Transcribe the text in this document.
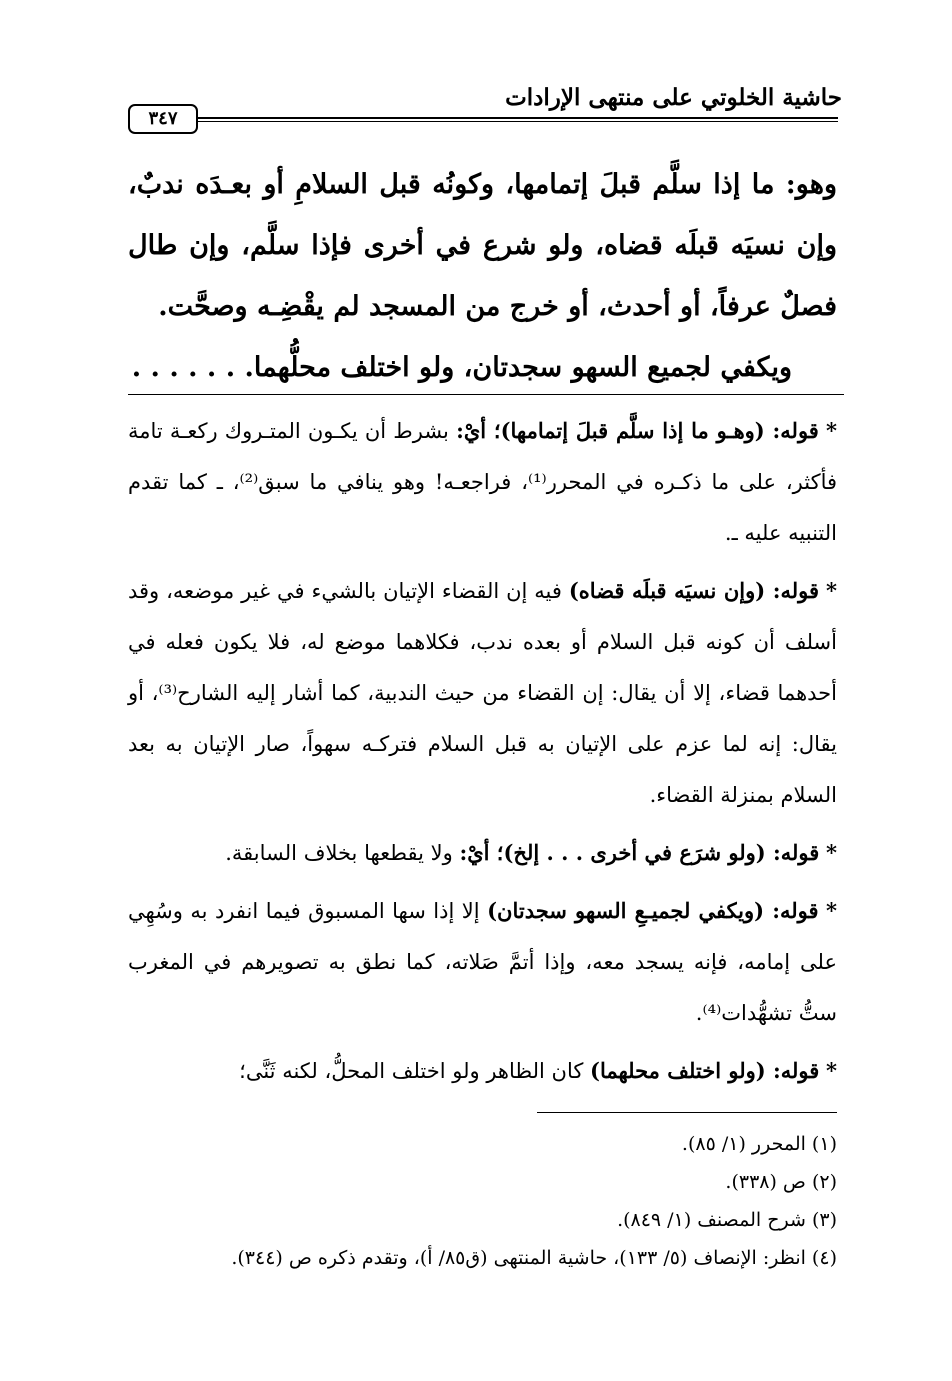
حاشية الخلوتي على منتهى الإرادات
٣٤٧

وهو: ما إذا سلَّم قبلَ إتمامها، وكونُه قبل السلامِ أو بعـدَه ندبٌ، وإن نسيَه قبلَه قضاه، ولو شرع في أخرى فإذا سلَّم، وإن طال فصلٌ عرفاً، أو أحدث، أو خرج من المسجد لم يقْضِـه وصحَّت.

ويكفي لجميع السهو سجدتان، ولو اختلف محلُّهما. . . . . . .

* قوله: (وهـو ما إذا سلَّم قبلَ إتمامها)؛ أيْ: بشرط أن يكـون المتـروك ركعـة تامة فأكثر، على ما ذكـره في المحرر⁽¹⁾، فراجعـه! وهو ينافي ما سبق⁽²⁾، ـ كما تقدم التنبيه عليه ـ.

* قوله: (وإن نسيَه قبلَه قضاه) فيه إن القضاء الإتيان بالشيء في غير موضعه، وقد أسلف أن كونه قبل السلام أو بعده ندب، فكلاهما موضع له، فلا يكون فعله في أحدهما قضاء، إلا أن يقال: إن القضاء من حيث الندبية، كما أشار إليه الشارح⁽³⁾، أو يقال: إنه لما عزم على الإتيان به قبل السلام فتركـه سهواً، صار الإتيان به بعد السلام بمنزلة القضاء.

* قوله: (ولو شرَع في أخرى . . . إلخ)؛ أيْ: ولا يقطعها بخلاف السابقة.

* قوله: (ويكفي لجميـعِ السهو سجدتان) إلا إذا سها المسبوق فيما انفرد به وسُهِي على إمامه، فإنه يسجد معه، وإذا أتمَّ صَلاته، كما نطق به تصويرهم في المغرب ستُّ تشهُّدات⁽⁴⁾.

* قوله: (ولو اختلف محلهما) كان الظاهر ولو اختلف المحلُّ، لكنه ثَنَّى؛

(١) المحرر (١/ ٨٥).
(٢) ص (٣٣٨).
(٣) شرح المصنف (١/ ٨٤٩).
(٤) انظر: الإنصاف (٥/ ١٣٣)، حاشية المنتهى (ق٨٥/ أ)، وتقدم ذكره ص (٣٤٤).
